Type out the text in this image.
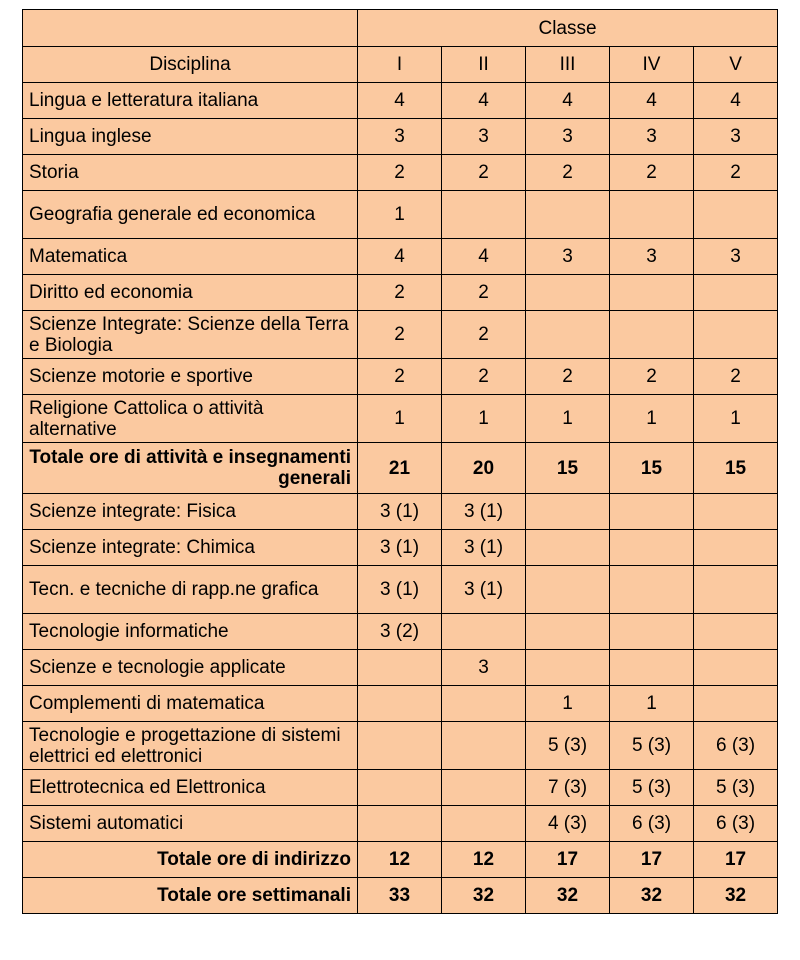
	Classe				
Disciplina	I	II	III	IV	V
Lingua e letteratura italiana	4	4	4	4	4
Lingua inglese	3	3	3	3	3
Storia	2	2	2	2	2
Geografia generale ed economica	1				
Matematica	4	4	3	3	3
Diritto ed economia	2	2			
Scienze Integrate: Scienze della Terra e Biologia	2	2			
Scienze motorie e sportive	2	2	2	2	2
Religione Cattolica o attività alternative	1	1	1	1	1
Totale ore di attività e insegnamenti generali	21	20	15	15	15
Scienze integrate: Fisica	3 (1)	3 (1)			
Scienze integrate: Chimica	3 (1)	3 (1)			
Tecn. e tecniche di rapp.ne grafica	3 (1)	3 (1)			
Tecnologie informatiche	3 (2)				
Scienze e tecnologie applicate		3			
Complementi di matematica			1	1	
Tecnologie e progettazione di sistemi elettrici ed elettronici			5 (3)	5 (3)	6 (3)
Elettrotecnica ed Elettronica			7 (3)	5 (3)	5 (3)
Sistemi automatici			4 (3)	6 (3)	6 (3)
Totale ore di indirizzo	12	12	17	17	17
Totale ore settimanali	33	32	32	32	32
